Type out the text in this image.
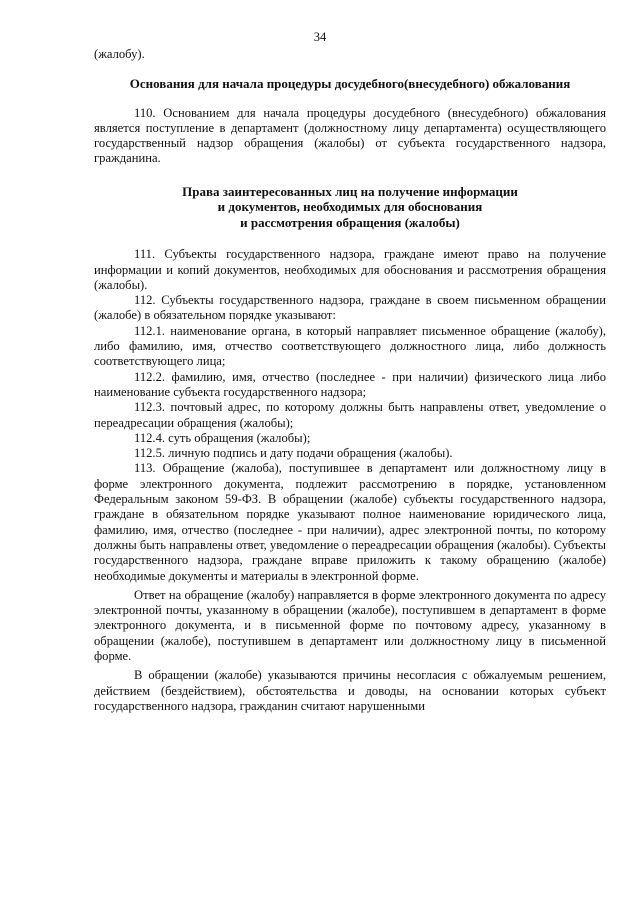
34

(жалобу).

Основания для начала процедуры досудебного(внесудебного) обжалования

110. Основанием для начала процедуры досудебного (внесудебного) обжалования является поступление в департамент (должностному лицу департамента) осуществляющего государственный надзор обращения (жалобы) от субъекта государственного надзора, гражданина.

Права заинтересованных лиц на получение информации
и документов, необходимых для обоснования
и рассмотрения обращения (жалобы)

111. Субъекты государственного надзора, граждане имеют право на получение информации и копий документов, необходимых для обоснования и рассмотрения обращения (жалобы).

112. Субъекты государственного надзора, граждане в своем письменном обращении (жалобе) в обязательном порядке указывают:

112.1. наименование органа, в который направляет письменное обращение (жалобу), либо фамилию, имя, отчество соответствующего должностного лица, либо должность соответствующего лица;

112.2. фамилию, имя, отчество (последнее - при наличии) физического лица либо наименование субъекта государственного надзора;

112.3. почтовый адрес, по которому должны быть направлены ответ, уведомление о переадресации обращения (жалобы);

112.4. суть обращения (жалобы);

112.5. личную подпись и дату подачи обращения (жалобы).

113. Обращение (жалоба), поступившее в департамент или должностному лицу в форме электронного документа, подлежит рассмотрению в порядке, установленном Федеральным законом 59-ФЗ. В обращении (жалобе) субъекты государственного надзора, граждане в обязательном порядке указывают полное наименование юридического лица, фамилию, имя, отчество (последнее - при наличии), адрес электронной почты, по которому должны быть направлены ответ, уведомление о переадресации обращения (жалобы). Субъекты государственного надзора, граждане вправе приложить к такому обращению (жалобе) необходимые документы и материалы в электронной форме.

Ответ на обращение (жалобу) направляется в форме электронного документа по адресу электронной почты, указанному в обращении (жалобе), поступившем в департамент в форме электронного документа, и в письменной форме по почтовому адресу, указанному в обращении (жалобе), поступившем в департамент или должностному лицу в письменной форме.

В обращении (жалобе) указываются причины несогласия с обжалуемым решением, действием (бездействием), обстоятельства и доводы, на основании которых субъект государственного надзора, гражданин считают нарушенными
